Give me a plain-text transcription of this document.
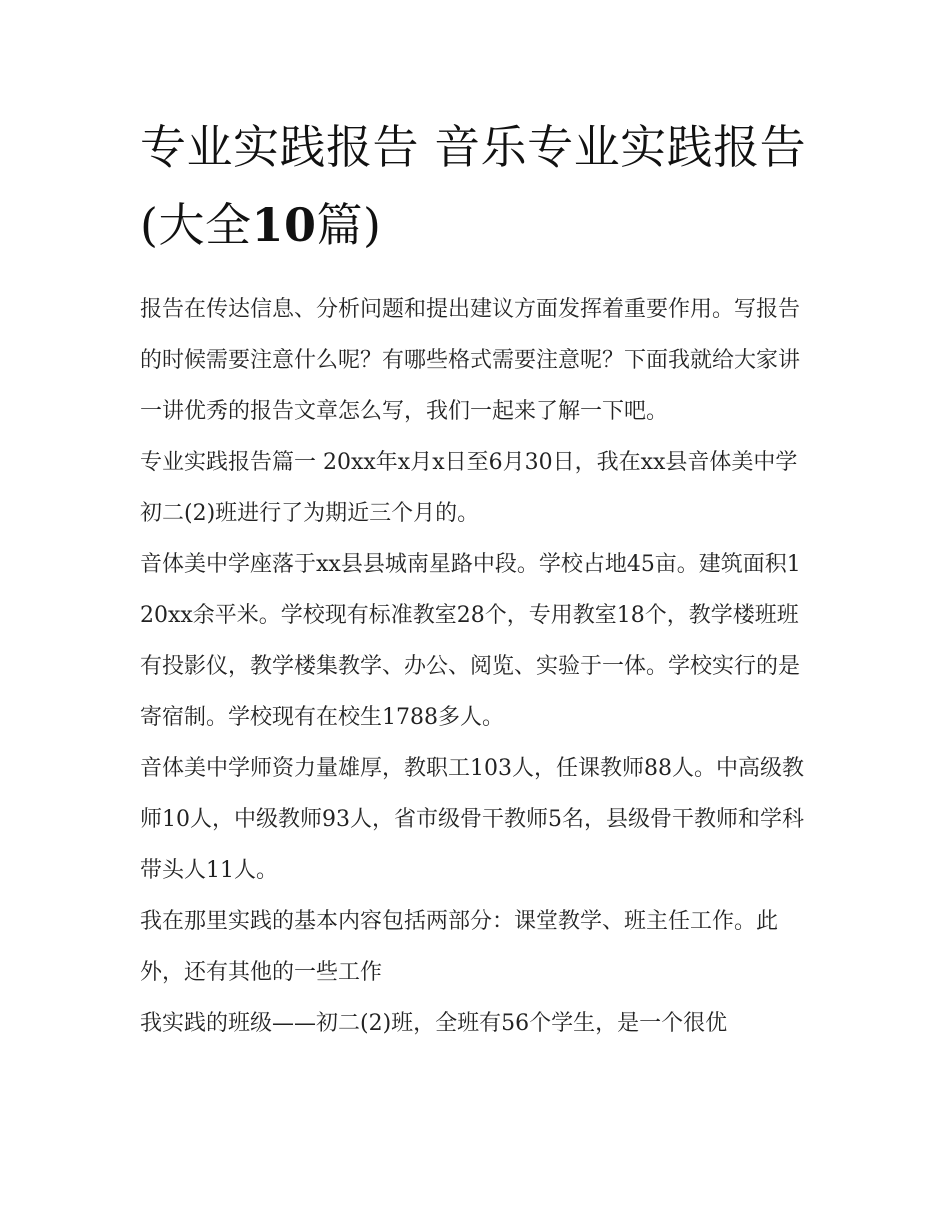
专业实践报告 音乐专业实践报告(大全10篇)

报告在传达信息、分析问题和提出建议方面发挥着重要作用。写报告的时候需要注意什么呢？有哪些格式需要注意呢？下面我就给大家讲一讲优秀的报告文章怎么写，我们一起来了解一下吧。

专业实践报告篇一 20xx年x月x日至6月30日，我在xx县音体美中学初二(2)班进行了为期近三个月的。

音体美中学座落于xx县县城南星路中段。学校占地45亩。建筑面积120xx余平米。学校现有标准教室28个，专用教室18个，教学楼班班有投影仪，教学楼集教学、办公、阅览、实验于一体。学校实行的是寄宿制。学校现有在校生1788多人。

音体美中学师资力量雄厚，教职工103人，任课教师88人。中高级教师10人，中级教师93人，省市级骨干教师5名，县级骨干教师和学科带头人11人。

我在那里实践的基本内容包括两部分：课堂教学、班主任工作。此外，还有其他的一些工作

我实践的班级——初二(2)班，全班有56个学生，是一个很优
